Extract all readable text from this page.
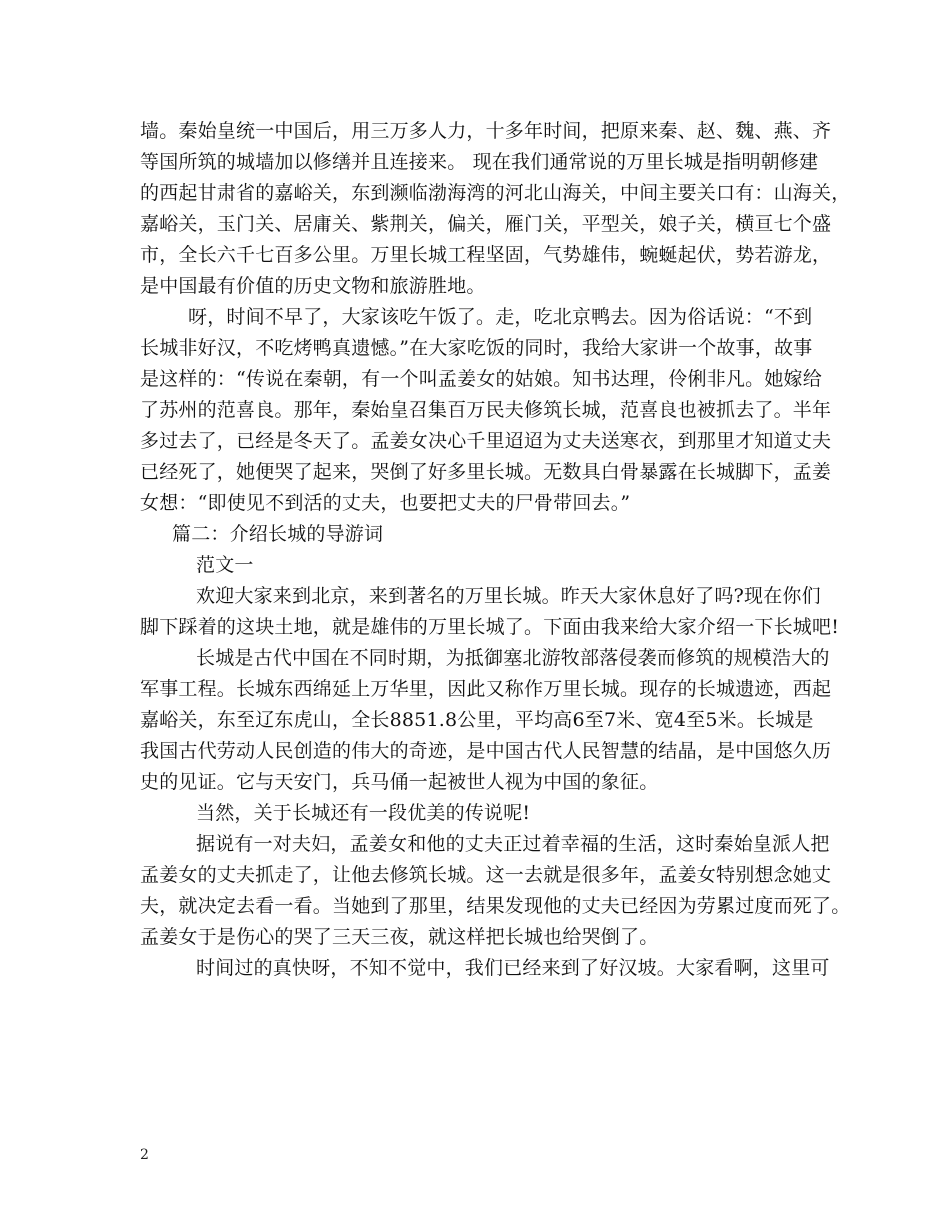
墙。秦始皇统一中国后，用三万多人力，十多年时间，把原来秦、赵、魏、燕、齐
等国所筑的城墙加以修缮并且连接来。 现在我们通常说的万里长城是指明朝修建
的西起甘肃省的嘉峪关，东到濒临渤海湾的河北山海关，中间主要关口有：山海关，
嘉峪关，玉门关、居庸关、紫荆关，偏关，雁门关，平型关，娘子关，横亘七个盛
市，全长六千七百多公里。万里长城工程坚固，气势雄伟，蜿蜒起伏，势若游龙，
是中国最有价值的历史文物和旅游胜地。
呀，时间不早了，大家该吃午饭了。走，吃北京鸭去。因为俗话说：“不到
长城非好汉，不吃烤鸭真遗憾。”在大家吃饭的同时，我给大家讲一个故事，故事
是这样的：“传说在秦朝，有一个叫孟姜女的姑娘。知书达理，伶俐非凡。她嫁给
了苏州的范喜良。那年，秦始皇召集百万民夫修筑长城，范喜良也被抓去了。半年
多过去了，已经是冬天了。孟姜女决心千里迢迢为丈夫送寒衣，到那里才知道丈夫
已经死了，她便哭了起来，哭倒了好多里长城。无数具白骨暴露在长城脚下，孟姜
女想：“即使见不到活的丈夫，也要把丈夫的尸骨带回去。”
篇二：介绍长城的导游词
范文一
欢迎大家来到北京，来到著名的万里长城。昨天大家休息好了吗?现在你们
脚下踩着的这块土地，就是雄伟的万里长城了。下面由我来给大家介绍一下长城吧!
长城是古代中国在不同时期，为抵御塞北游牧部落侵袭而修筑的规模浩大的
军事工程。长城东西绵延上万华里，因此又称作万里长城。现存的长城遗迹，西起
嘉峪关，东至辽东虎山，全长8851.8公里，平均高6至7米、宽4至5米。长城是
我国古代劳动人民创造的伟大的奇迹，是中国古代人民智慧的结晶，是中国悠久历
史的见证。它与天安门，兵马俑一起被世人视为中国的象征。
当然，关于长城还有一段优美的传说呢!
据说有一对夫妇，孟姜女和他的丈夫正过着幸福的生活，这时秦始皇派人把
孟姜女的丈夫抓走了，让他去修筑长城。这一去就是很多年，孟姜女特别想念她丈
夫，就决定去看一看。当她到了那里，结果发现他的丈夫已经因为劳累过度而死了。
孟姜女于是伤心的哭了三天三夜，就这样把长城也给哭倒了。
时间过的真快呀，不知不觉中，我们已经来到了好汉坡。大家看啊，这里可
2
